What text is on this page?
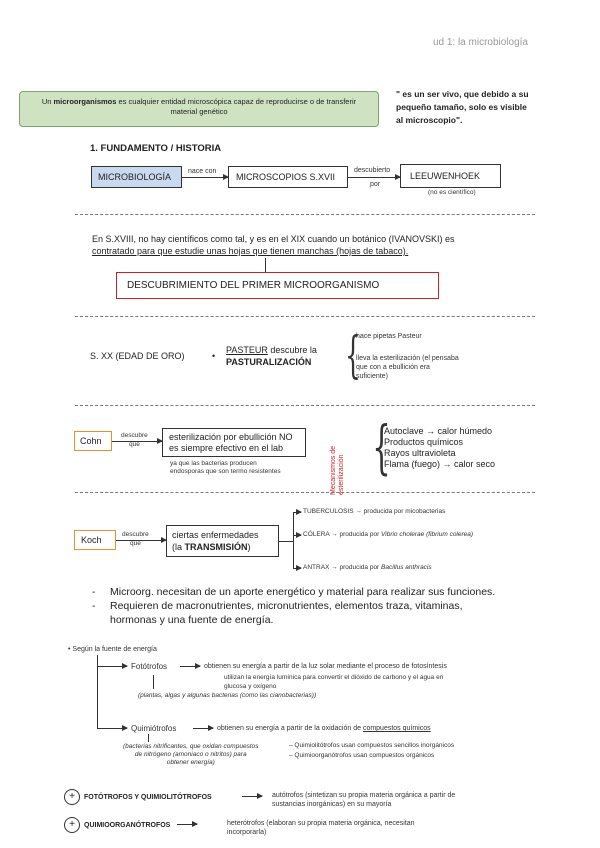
ud 1: la microbiología
Un microorganismos es cualquier entidad microscópica capaz de reproducirse o de transferir material genético
" es un ser vivo, que debido a su pequeño tamaño, solo es visible al microscopio".
1. FUNDAMENTO / HISTORIA
MICROBIOLOGÍA
nace con
MICROSCOPIOS S.XVII
descubierto
por
LEEUWENHOEK
(no es científico)
En S.XVIII, no hay científicos como tal, y es en el XIX cuando un botánico (IVANOVSKI) es
contratado para que estudie unas hojas que tienen manchas (hojas de tabaco).
DESCUBRIMIENTO DEL PRIMER MICROORGANISMO
S. XX (EDAD DE ORO)	•
PASTEUR descubre la
PASTURALIZACIÓN {
hace pipetas Pasteur
lleva la esterilización (el pensaba
que con a ebullición era
suficiente)
Cohn
descubre
que
esterilización por ebullición NO
es siempre efectivo en el lab
ya que las bacterias producen
endosporas que son termo resistentes	Mecanismos de esterilización {
Autoclave → calor húmedo
Productos químicos
Rayos ultravioleta
Flama (fuego) → calor seco
Koch
descubre
que
ciertas enfermedades
(la TRANSMISIÓN)
TUBERCULOSIS → producida por micobacterias
CÓLERA → producida por Vibrio cholerae (fibrium colerea)
ANTRAX → producida por Bacillus anthracis
- Microorg. necesitan de un aporte energético y material para realizar sus funciones.
- Requieren de macronutrientes, micronutrientes, elementos traza, vitaminas,
hormonas y una fuente de energía.
• Según la fuente de energía
Fotótrofos	obtienen su energía a partir de la luz solar mediante el proceso de fotosíntesis
utilizan la energía lumínica para convertir el dióxido de carbono y el agua en
glucosa y oxígeno
(plantas, algas y algunas bacterias (como las cianobacterias))
Quimiótrofos	obtienen su energía a partir de la oxidación de compuestos químicos
(bacterias nitrificantes, que oxidan compuestos
de nitrógeno (amoniaco o nitritos) para
obtener energía)
– Quimiolitótrofos usan compuestos sencillos inorgánicos
– Quimioorganótrofos usan compuestos orgánicos
+	FOTÓTROFOS Y QUIMIOLITÓTROFOS	autótrofos (sintetizan su propia materia orgánica a partir de
sustancias inorgánicas) en su mayoría
+	QUIMIOORGANÓTROFOS	heterótrofos (elaboran su propia materia orgánica, necesitan
incorporarla)
